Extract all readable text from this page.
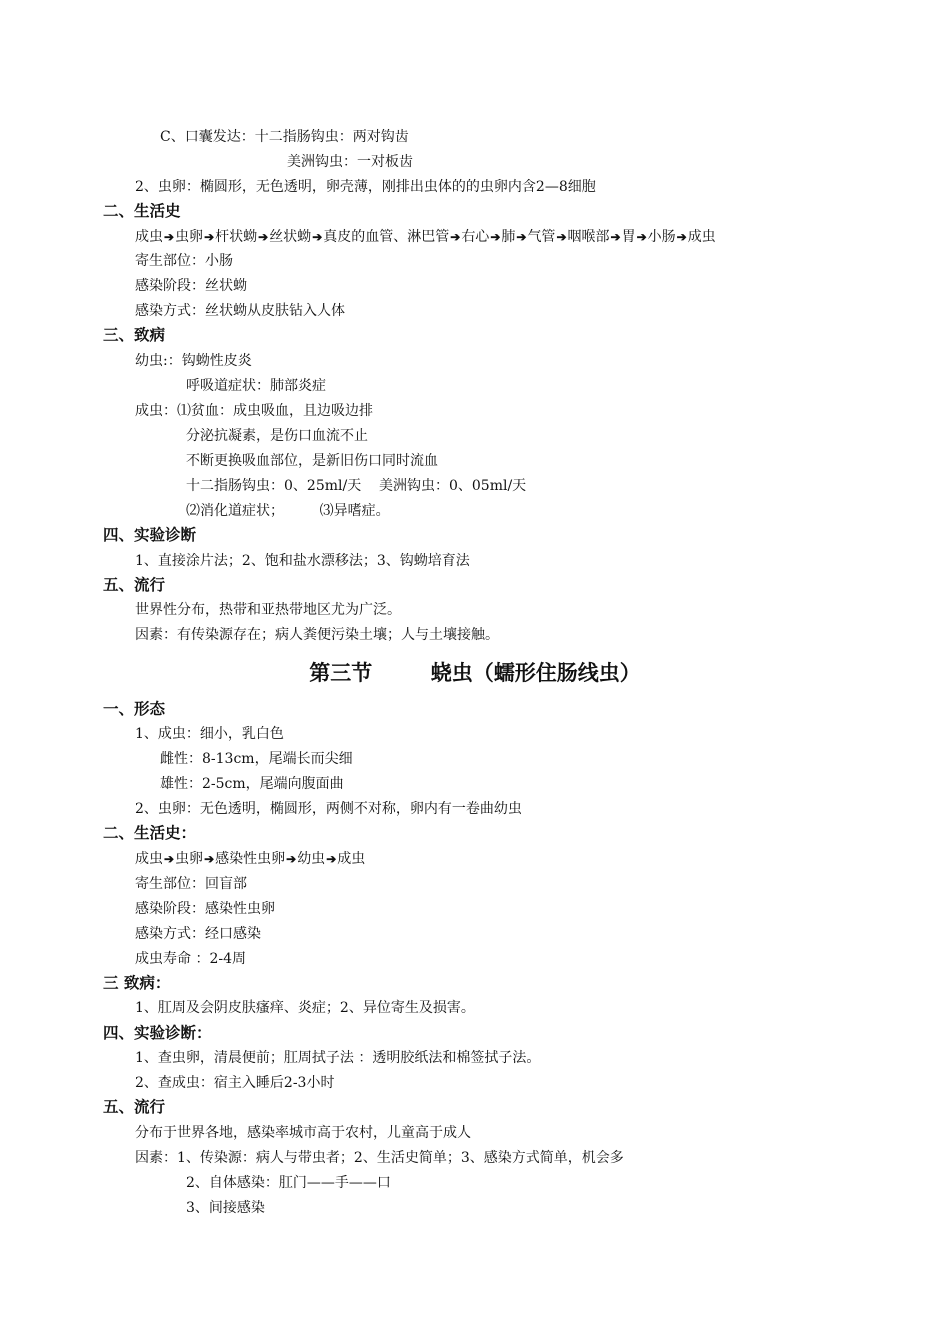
C、口囊发达：十二指肠钩虫：两对钩齿
美洲钩虫：一对板齿
2、虫卵：椭圆形，无色透明，卵壳薄，刚排出虫体的的虫卵内含2—8细胞
二、生活史
成虫➔虫卵➔杆状蚴➔丝状蚴➔真皮的血管、淋巴管➔右心➔肺➔气管➔咽喉部➔胃➔小肠➔成虫
寄生部位：小肠
感染阶段：丝状蚴
感染方式：丝状蚴从皮肤钻入人体
三、致病
幼虫:：钩蚴性皮炎
呼吸道症状：肺部炎症
成虫：⑴贫血：成虫吸血，且边吸边排
分泌抗凝素，是伤口血流不止
不断更换吸血部位，是新旧伤口同时流血
十二指肠钩虫：0、25ml/天    美洲钩虫：0、05ml/天
⑵消化道症状；        ⑶异嗜症。
四、实验诊断
1、直接涂片法；2、饱和盐水漂移法；3、钩蚴培育法
五、流行
世界性分布，热带和亚热带地区尤为广泛。
因素：有传染源存在；病人粪便污染土壤；人与土壤接触。
第三节        蛲虫（蠕形住肠线虫）
一、形态
1、成虫：细小，乳白色
雌性：8-13cm，尾端长而尖细
雄性：2-5cm，尾端向腹面曲
2、虫卵：无色透明，椭圆形，两侧不对称，卵内有一卷曲幼虫
二、生活史：
成虫➔虫卵➔感染性虫卵➔幼虫➔成虫
寄生部位：回盲部
感染阶段：感染性虫卵
感染方式：经口感染
成虫寿命 ：2-4周
三 致病：
1、肛周及会阴皮肤瘙痒、炎症；2、异位寄生及损害。
四、实验诊断：
1、查虫卵，清晨便前；肛周拭子法 ：透明胶纸法和棉签拭子法。
2、查成虫：宿主入睡后2-3小时
五、流行
分布于世界各地，感染率城市高于农村，儿童高于成人
因素：1、传染源：病人与带虫者；2、生活史简单；3、感染方式简单，机会多
2、自体感染：肛门——手——口
3、间接感染
